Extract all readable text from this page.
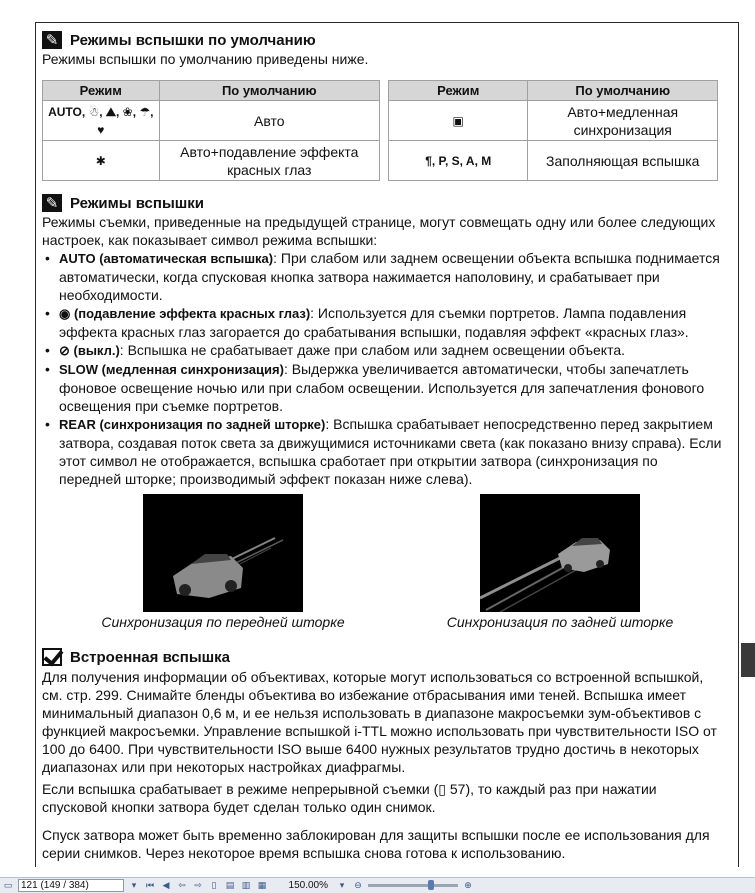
✎ Режимы вспышки по умолчанию
Режимы вспышки по умолчанию приведены ниже.
Режим	По умолчанию
AUTO, ☃, ⛰, ❀, ☂, ♥	Авто
✱	Авто+подавление эффекта красных глаз
Режим	По умолчанию
▣	Авто+медленная синхронизация
¶, P, S, A, M	Заполняющая вспышка
✎ Режимы вспышки
Режимы съемки, приведенные на предыдущей странице, могут совмещать одну или более следующих настроек, как показывает символ режима вспышки:
• AUTO (автоматическая вспышка): При слабом или заднем освещении объекта вспышка поднимается автоматически, когда спусковая кнопка затвора нажимается наполовину, и срабатывает при необходимости.
• ◉ (подавление эффекта красных глаз): Используется для съемки портретов. Лампа подавления эффекта красных глаз загорается до срабатывания вспышки, подавляя эффект «красных глаз».
• ⊘ (выкл.): Вспышка не срабатывает даже при слабом или заднем освещении объекта.
• SLOW (медленная синхронизация): Выдержка увеличивается автоматически, чтобы запечатлеть фоновое освещение ночью или при слабом освещении. Используется для запечатления фонового освещения при съемке портретов.
• REAR (синхронизация по задней шторке): Вспышка срабатывает непосредственно перед закрытием затвора, создавая поток света за движущимися источниками света (как показано внизу справа). Если этот символ не отображается, вспышка сработает при открытии затвора (синхронизация по передней шторке; производимый эффект показан ниже слева).
Синхронизация по передней шторке	Синхронизация по задней шторке
Встроенная вспышка
Для получения информации об объективах, которые могут использоваться со встроенной вспышкой, см. стр. 299. Снимайте бленды объектива во избежание отбрасывания ими теней. Вспышка имеет минимальный диапазон 0,6 м, и ее нельзя использовать в диапазоне макросъемки зум-объективов с функцией макросъемки. Управление вспышкой i-TTL можно использовать при чувствительности ISO от 100 до 6400. При чувствительности ISO выше 6400 нужных результатов трудно достичь в некоторых диапазонах или при некоторых настройках диафрагмы.
Если вспышка срабатывает в режиме непрерывной съемки (▯ 57), то каждый раз при нажатии спусковой кнопки затвора будет сделан только один снимок.
Спуск затвора может быть временно заблокирован для защиты вспышки после ее использования для серии снимков. Через некоторое время вспышка снова готова к использованию.
▭ 121 (149 / 384)	▾	⏮ ◀ ⇦ ⇨	▯	▤ ▥ ▦	150.00%	▾	⊖	⊕
